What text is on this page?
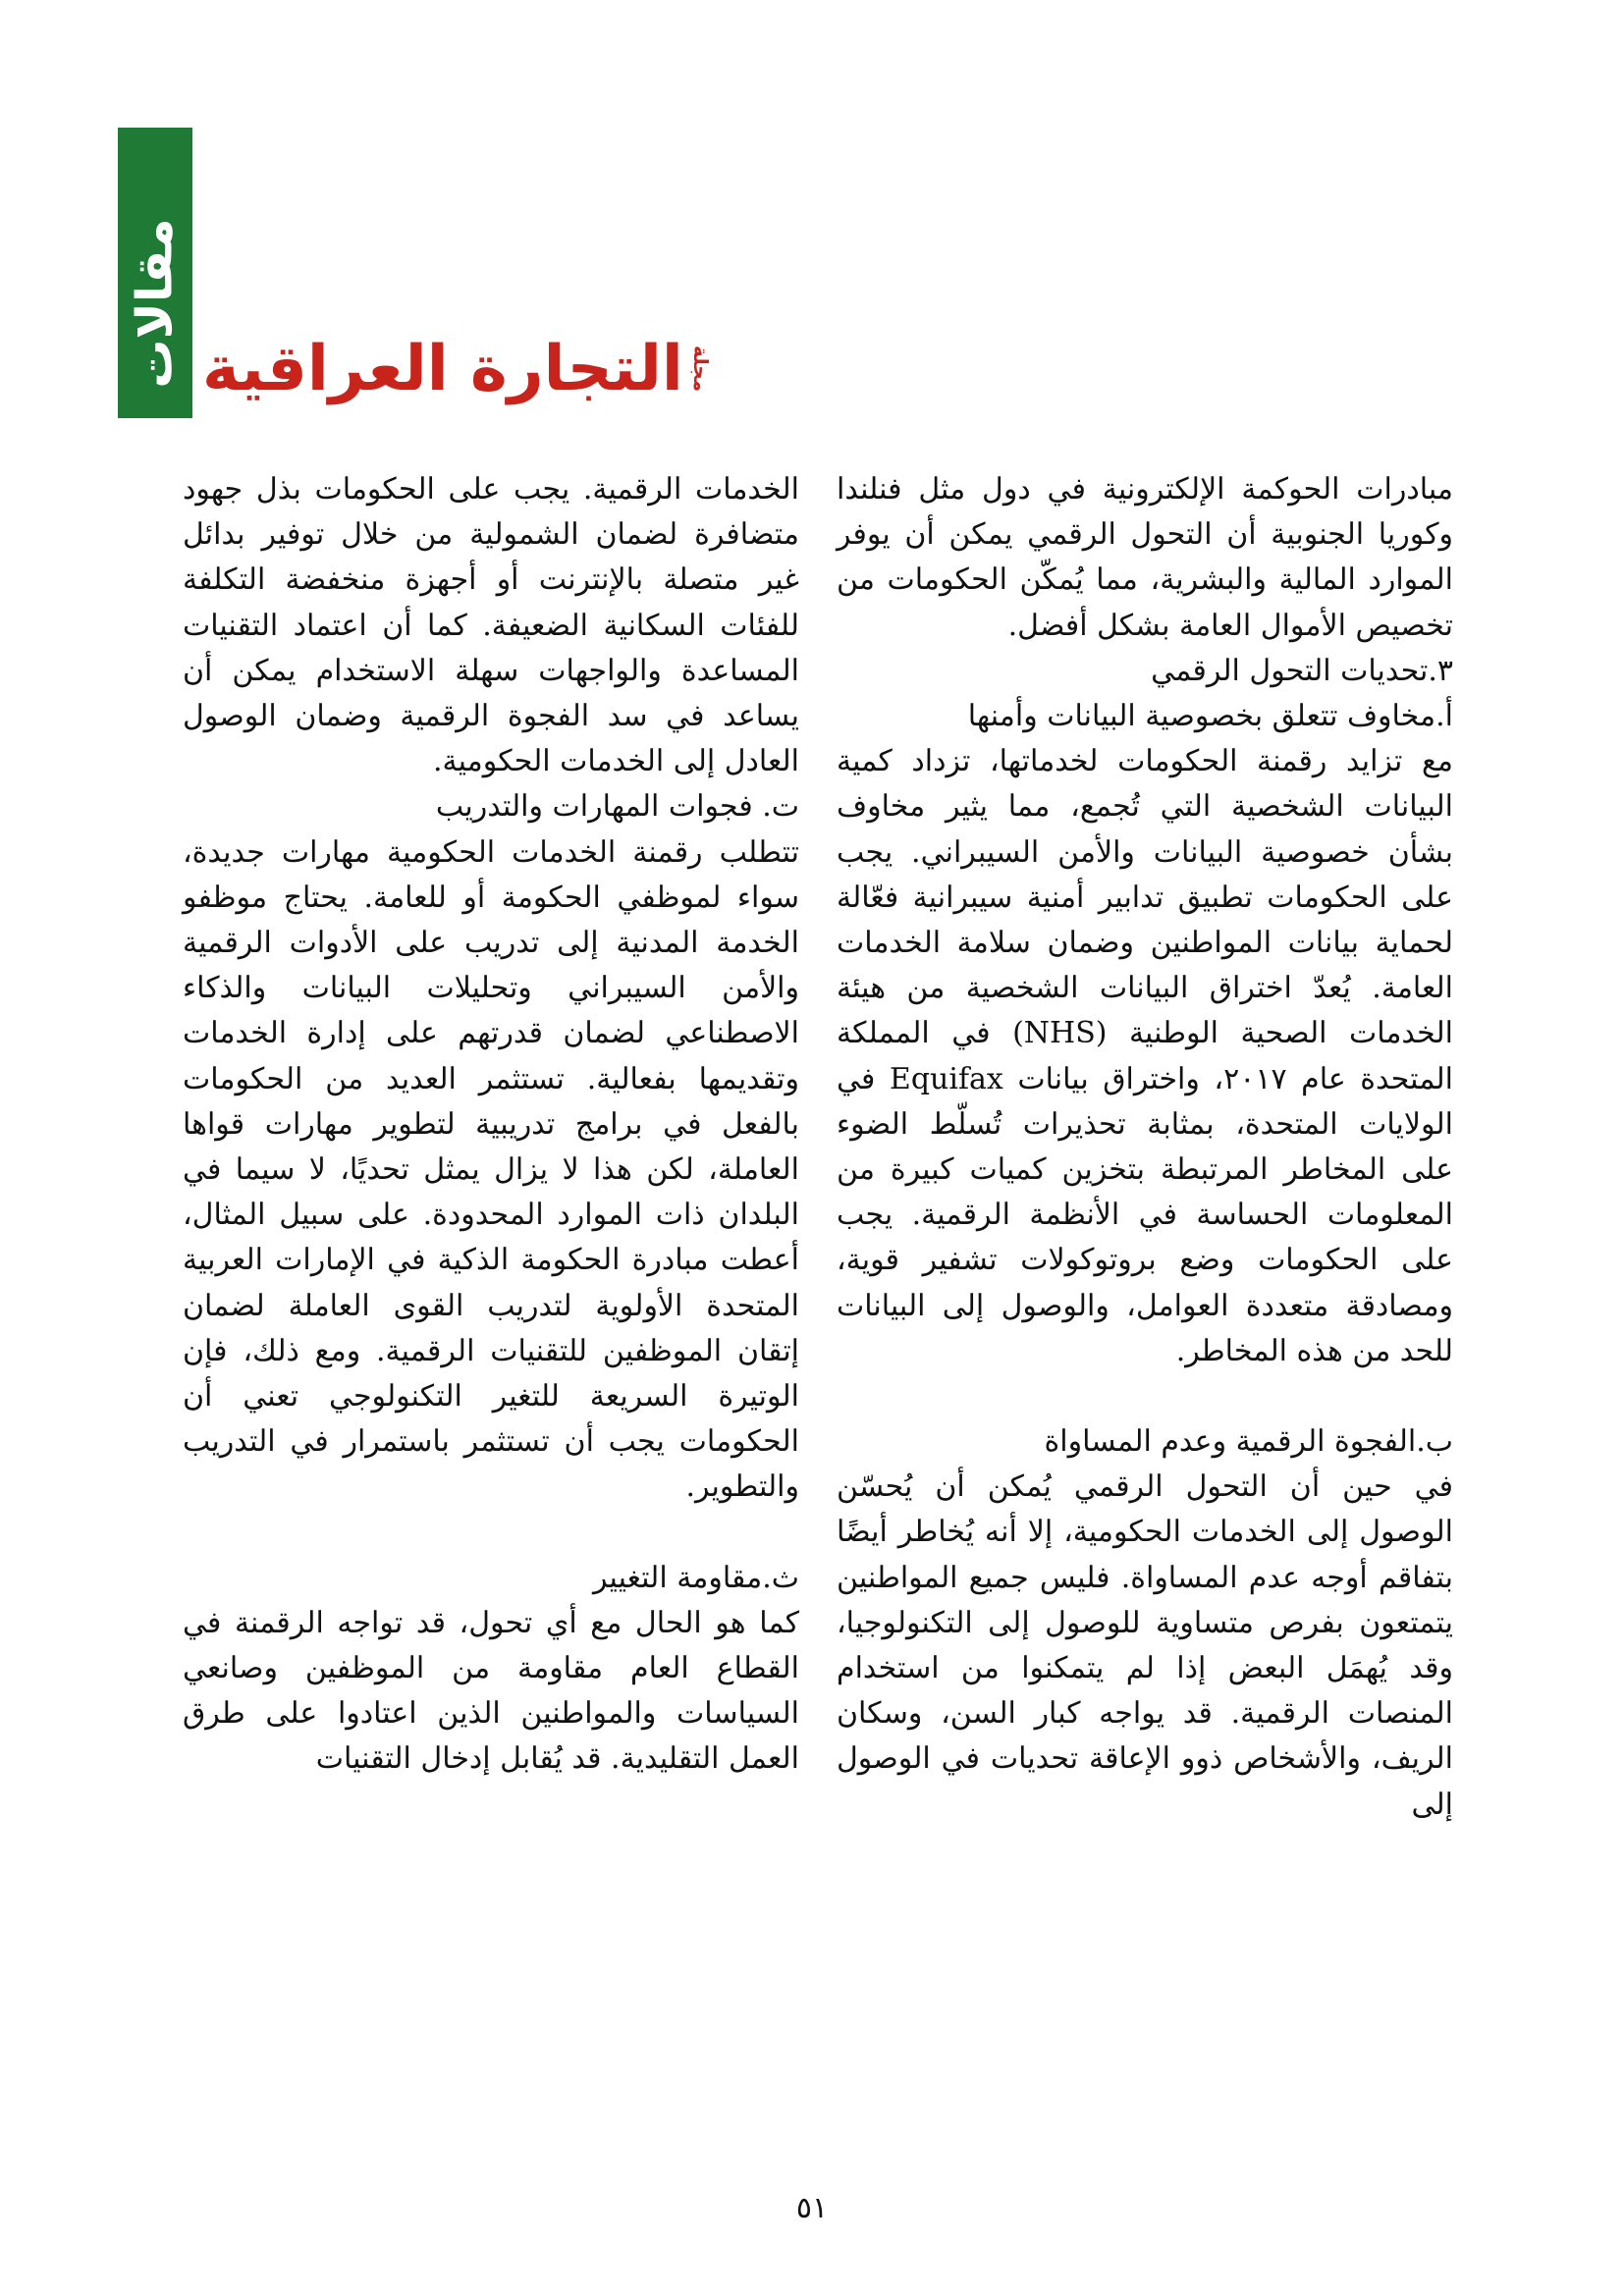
مقالات	مجلة
التجارة العراقية

مبادرات الحوكمة الإلكترونية في دول مثل فنلندا وكوريا الجنوبية أن التحول الرقمي يمكن أن يوفر الموارد المالية والبشرية، مما يُمكّن الحكومات من تخصيص الأموال العامة بشكل أفضل.

٣.تحديات التحول الرقمي

أ.مخاوف تتعلق بخصوصية البيانات وأمنها

مع تزايد رقمنة الحكومات لخدماتها، تزداد كمية البيانات الشخصية التي تُجمع، مما يثير مخاوف بشأن خصوصية البيانات والأمن السيبراني. يجب على الحكومات تطبيق تدابير أمنية سيبرانية فعّالة لحماية بيانات المواطنين وضمان سلامة الخدمات العامة. يُعدّ اختراق البيانات الشخصية من هيئة الخدمات الصحية الوطنية (NHS) في المملكة المتحدة عام ٢٠١٧، واختراق بيانات Equifax في الولايات المتحدة، بمثابة تحذيرات تُسلّط الضوء على المخاطر المرتبطة بتخزين كميات كبيرة من المعلومات الحساسة في الأنظمة الرقمية. يجب على الحكومات وضع بروتوكولات تشفير قوية، ومصادقة متعددة العوامل، والوصول إلى البيانات للحد من هذه المخاطر.

ب.الفجوة الرقمية وعدم المساواة

في حين أن التحول الرقمي يُمكن أن يُحسّن الوصول إلى الخدمات الحكومية، إلا أنه يُخاطر أيضًا بتفاقم أوجه عدم المساواة. فليس جميع المواطنين يتمتعون بفرص متساوية للوصول إلى التكنولوجيا، وقد يُهمَل البعض إذا لم يتمكنوا من استخدام المنصات الرقمية. قد يواجه كبار السن، وسكان الريف، والأشخاص ذوو الإعاقة تحديات في الوصول إلى

الخدمات الرقمية. يجب على الحكومات بذل جهود متضافرة لضمان الشمولية من خلال توفير بدائل غير متصلة بالإنترنت أو أجهزة منخفضة التكلفة للفئات السكانية الضعيفة. كما أن اعتماد التقنيات المساعدة والواجهات سهلة الاستخدام يمكن أن يساعد في سد الفجوة الرقمية وضمان الوصول العادل إلى الخدمات الحكومية.

ت. فجوات المهارات والتدريب

تتطلب رقمنة الخدمات الحكومية مهارات جديدة، سواء لموظفي الحكومة أو للعامة. يحتاج موظفو الخدمة المدنية إلى تدريب على الأدوات الرقمية والأمن السيبراني وتحليلات البيانات والذكاء الاصطناعي لضمان قدرتهم على إدارة الخدمات وتقديمها بفعالية. تستثمر العديد من الحكومات بالفعل في برامج تدريبية لتطوير مهارات قواها العاملة، لكن هذا لا يزال يمثل تحديًا، لا سيما في البلدان ذات الموارد المحدودة. على سبيل المثال، أعطت مبادرة الحكومة الذكية في الإمارات العربية المتحدة الأولوية لتدريب القوى العاملة لضمان إتقان الموظفين للتقنيات الرقمية. ومع ذلك، فإن الوتيرة السريعة للتغير التكنولوجي تعني أن الحكومات يجب أن تستثمر باستمرار في التدريب والتطوير.

ث.مقاومة التغيير

كما هو الحال مع أي تحول، قد تواجه الرقمنة في القطاع العام مقاومة من الموظفين وصانعي السياسات والمواطنين الذين اعتادوا على طرق العمل التقليدية. قد يُقابل إدخال التقنيات

٥١
